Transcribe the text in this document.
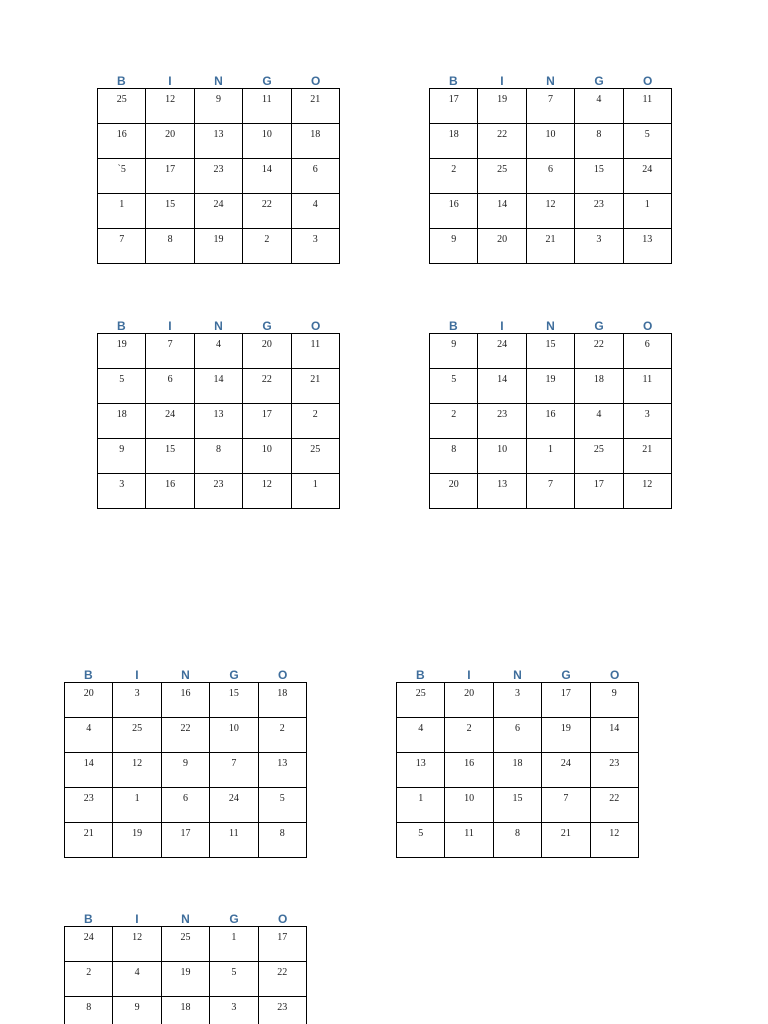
B	I	N	G	O
25	12	9	11	21
16	20	13	10	18
`5	17	23	14	6
1	15	24	22	4
7	8	19	2	3
B	I	N	G	O
17	19	7	4	11
18	22	10	8	5
2	25	6	15	24
16	14	12	23	1
9	20	21	3	13
B	I	N	G	O
19	7	4	20	11
5	6	14	22	21
18	24	13	17	2
9	15	8	10	25
3	16	23	12	1
B	I	N	G	O
9	24	15	22	6
5	14	19	18	11
2	23	16	4	3
8	10	1	25	21
20	13	7	17	12
B	I	N	G	O
20	3	16	15	18
4	25	22	10	2
14	12	9	7	13
23	1	6	24	5
21	19	17	11	8
B	I	N	G	O
25	20	3	17	9
4	2	6	19	14
13	16	18	24	23
1	10	15	7	22
5	11	8	21	12
B	I	N	G	O
24	12	25	1	17
2	4	19	5	22
8	9	18	3	23
